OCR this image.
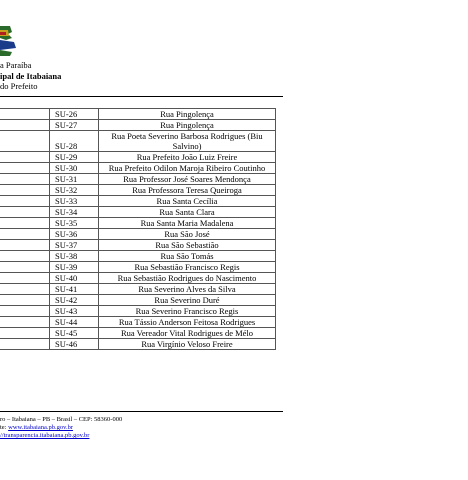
a Paraíba
ipal de Itabaiana
do Prefeito
	SU-26	Rua Pingolença
	SU-27	Rua Pingolença
	SU-28	Rua Poeta Severino Barbosa Rodrigues (Biu Salvino)
	SU-29	Rua Prefeito João Luiz Freire
	SU-30	Rua Prefeito Odilon Maroja Ribeiro Coutinho
	SU-31	Rua Professor José Soares Mendonça
	SU-32	Rua Professora Teresa Queiroga
	SU-33	Rua Santa Cecília
	SU-34	Rua Santa Clara
	SU-35	Rua Santa Maria Madalena
	SU-36	Rua São José
	SU-37	Rua São Sebastião
	SU-38	Rua São Tomás
	SU-39	Rua Sebastião Francisco Regis
	SU-40	Rua Sebastião Rodrigues do Nascimento
	SU-41	Rua Severino Alves da Silva
	SU-42	Rua Severino Duré
	SU-43	Rua Severino Francisco Regis
	SU-44	Rua Tássio Anderson Feitosa Rodrigues
	SU-45	Rua Vereador Vital Rodrigues de Mélo
	SU-46	Rua Virgínio Veloso Freire
ro – Itabaiana – PB – Brasil – CEP: 58360-000
te: www.itabaiana.pb.gov.br
//transparencia.itabaiana.pb.gov.br
